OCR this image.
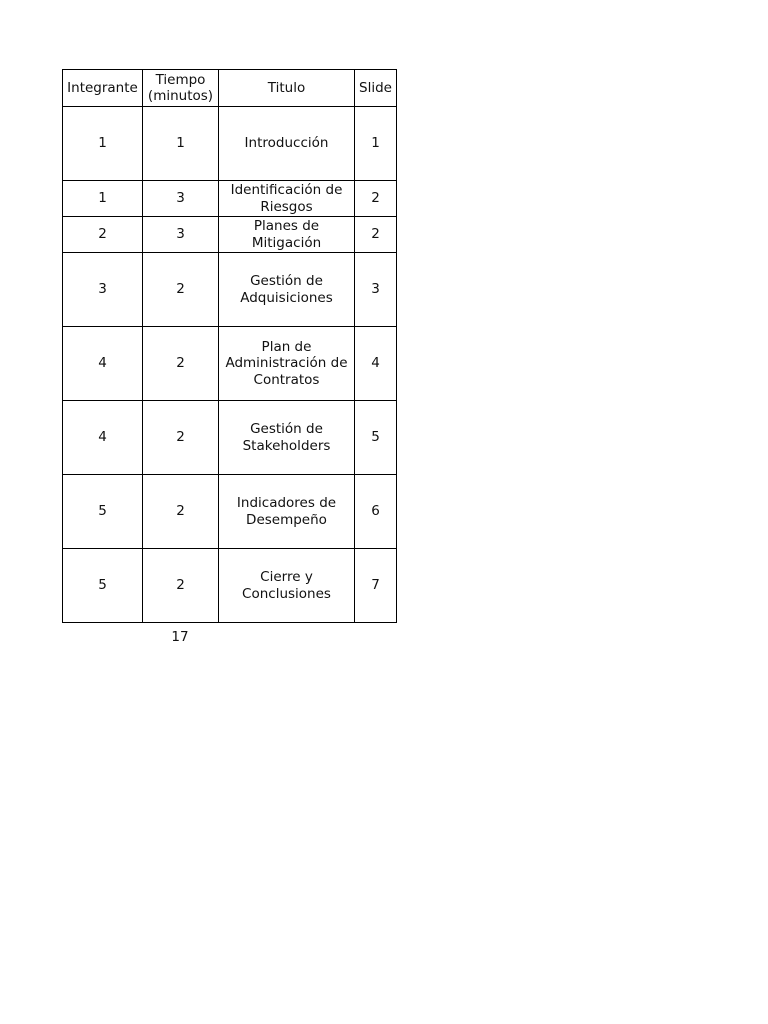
Integrante	Tiempo (minutos)	Titulo	Slide
1	1	Introducción	1
1	3	Identificación de Riesgos	2
2	3	Planes de Mitigación	2
3	2	Gestión de Adquisiciones	3
4	2	Plan de Administración de Contratos	4
4	2	Gestión de Stakeholders	5
5	2	Indicadores de Desempeño	6
5	2	Cierre y Conclusiones	7
17
